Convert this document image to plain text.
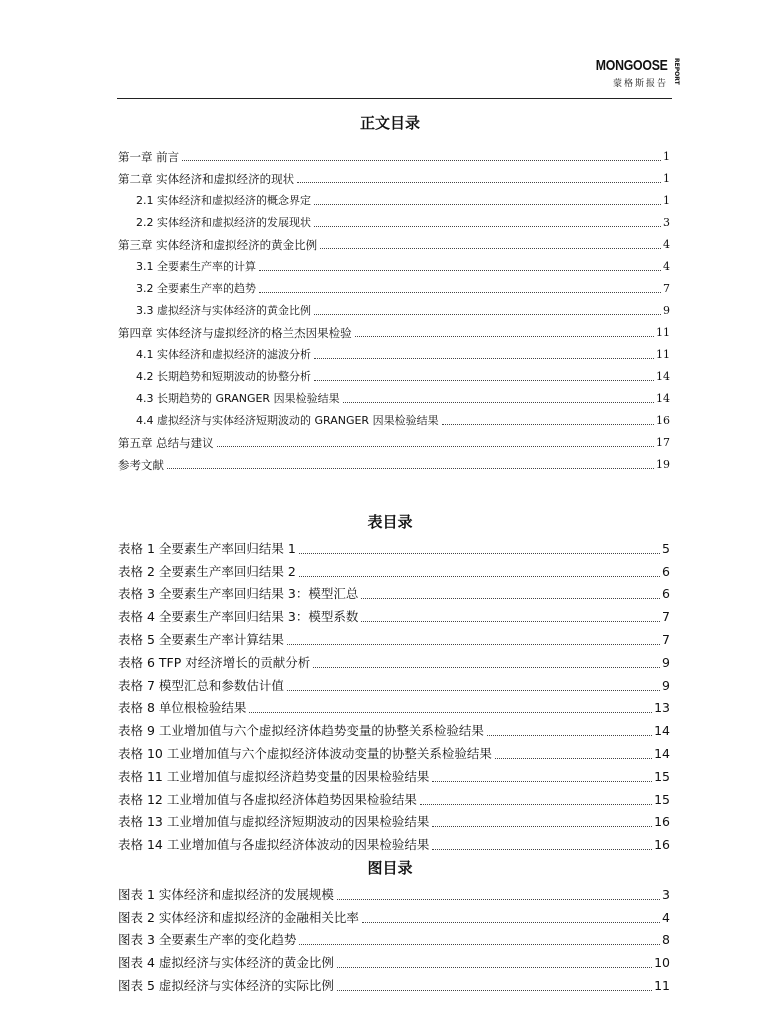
MONGOOSE REPORT
蒙格斯报告
正文目录
第一章 前言	1
第二章 实体经济和虚拟经济的现状	1
2.1 实体经济和虚拟经济的概念界定	1
2.2 实体经济和虚拟经济的发展现状	3
第三章 实体经济和虚拟经济的黄金比例	4
3.1 全要素生产率的计算	4
3.2 全要素生产率的趋势	7
3.3 虚拟经济与实体经济的黄金比例	9
第四章 实体经济与虚拟经济的格兰杰因果检验	11
4.1 实体经济和虚拟经济的滤波分析	11
4.2 长期趋势和短期波动的协整分析	14
4.3 长期趋势的 GRANGER 因果检验结果	14
4.4 虚拟经济与实体经济短期波动的 GRANGER 因果检验结果	16
第五章 总结与建议	17
参考文献	19
表目录
表格 1 全要素生产率回归结果 1	5
表格 2 全要素生产率回归结果 2	6
表格 3 全要素生产率回归结果 3：模型汇总	6
表格 4 全要素生产率回归结果 3：模型系数	7
表格 5 全要素生产率计算结果	7
表格 6 TFP 对经济增长的贡献分析	9
表格 7 模型汇总和参数估计值	9
表格 8 单位根检验结果	13
表格 9 工业增加值与六个虚拟经济体趋势变量的协整关系检验结果	14
表格 10 工业增加值与六个虚拟经济体波动变量的协整关系检验结果	14
表格 11 工业增加值与虚拟经济趋势变量的因果检验结果	15
表格 12 工业增加值与各虚拟经济体趋势因果检验结果	15
表格 13 工业增加值与虚拟经济短期波动的因果检验结果	16
表格 14 工业增加值与各虚拟经济体波动的因果检验结果	16
图目录
图表 1 实体经济和虚拟经济的发展规模	3
图表 2 实体经济和虚拟经济的金融相关比率	4
图表 3 全要素生产率的变化趋势	8
图表 4 虚拟经济与实体经济的黄金比例	10
图表 5 虚拟经济与实体经济的实际比例	11
